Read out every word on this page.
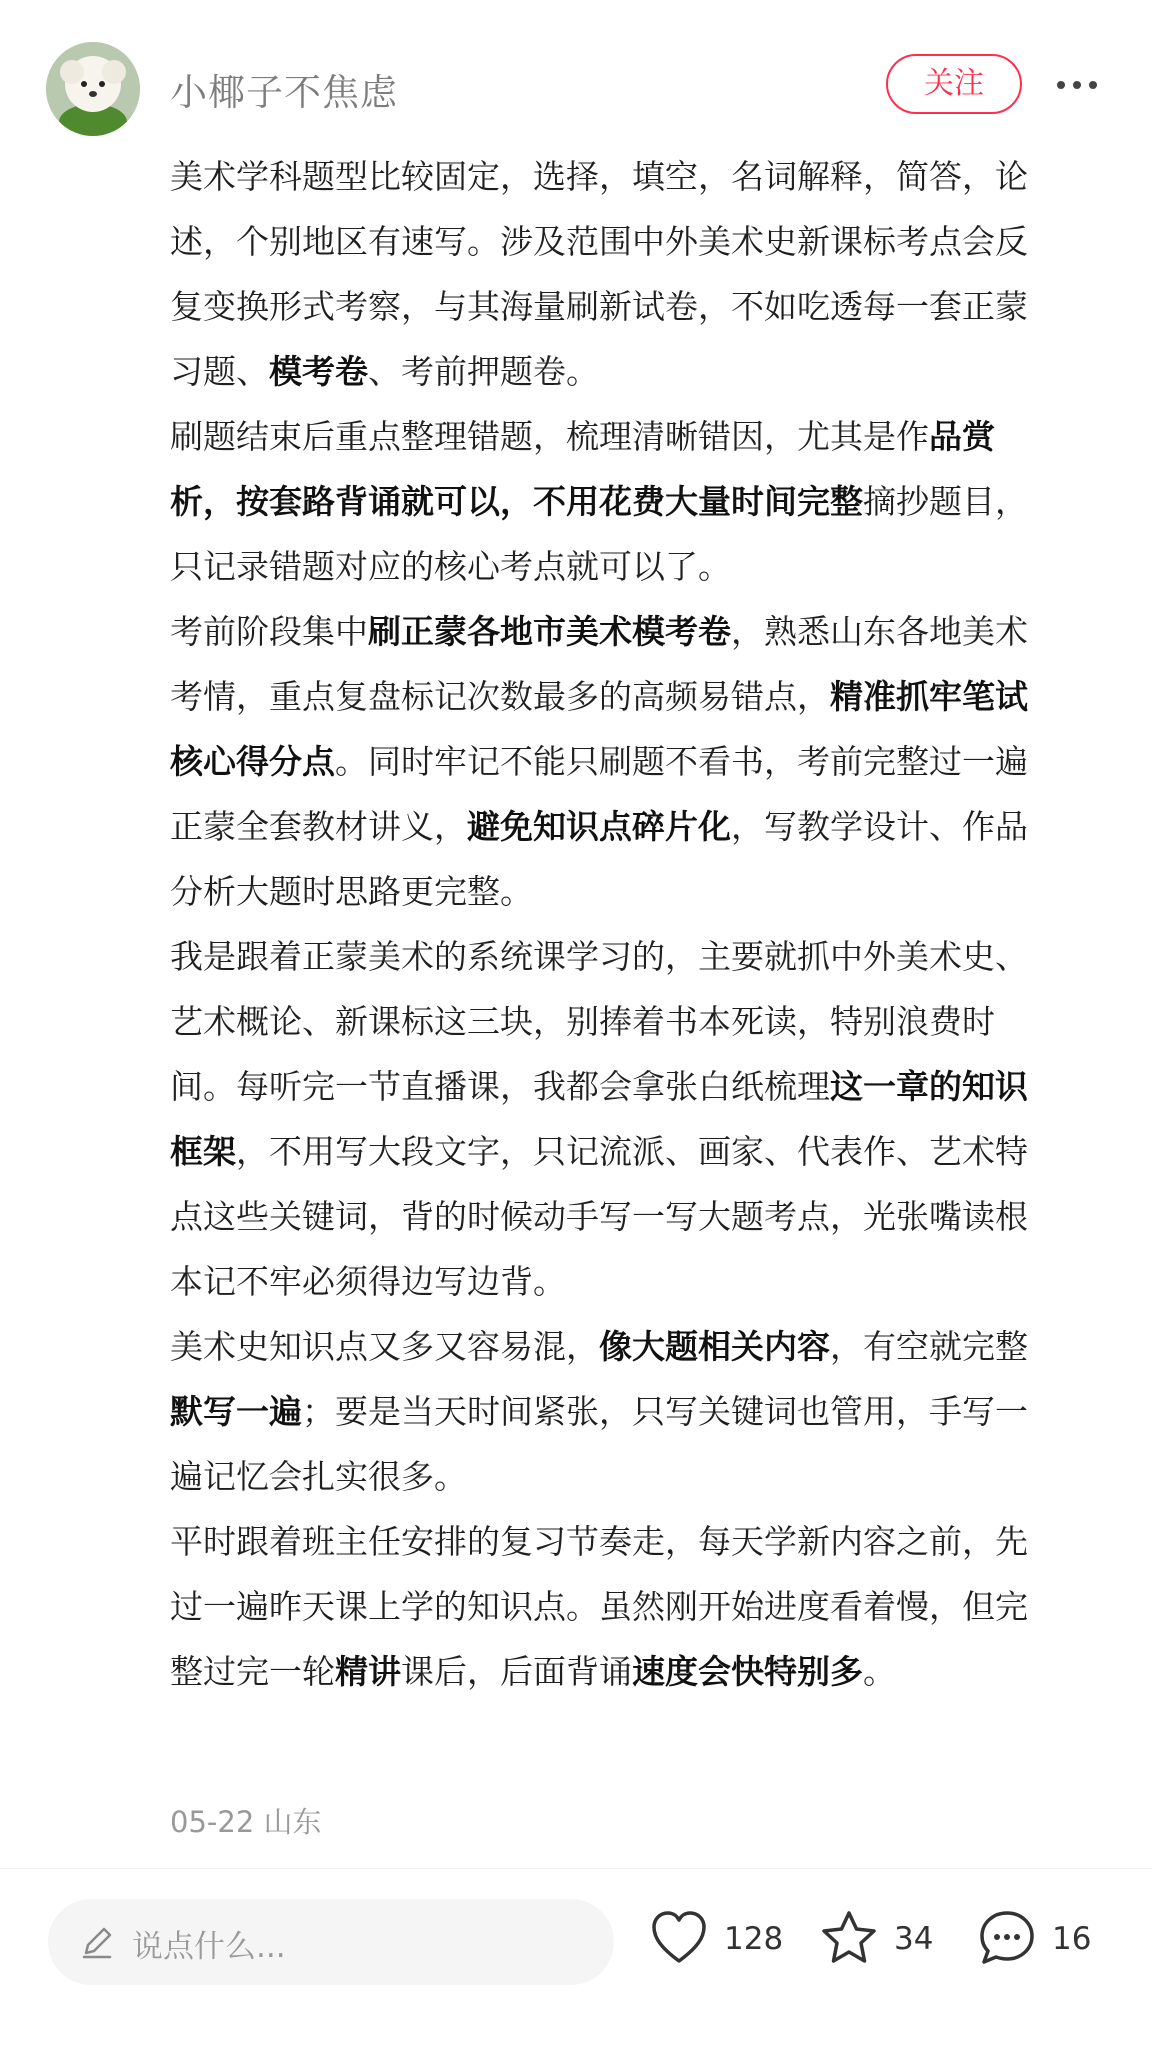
小椰子不焦虑	关注

美术学科题型比较固定，选择，填空，名词解释，简答，论述，个别地区有速写。涉及范围中外美术史新课标考点会反复变换形式考察，与其海量刷新试卷，不如吃透每一套正蒙习题、模考卷、考前押题卷。

刷题结束后重点整理错题，梳理清晰错因，尤其是作品赏析，按套路背诵就可以，不用花费大量时间完整摘抄题目，只记录错题对应的核心考点就可以了。

考前阶段集中刷正蒙各地市美术模考卷，熟悉山东各地美术考情，重点复盘标记次数最多的高频易错点，精准抓牢笔试核心得分点。同时牢记不能只刷题不看书，考前完整过一遍正蒙全套教材讲义，避免知识点碎片化，写教学设计、作品分析大题时思路更完整。

我是跟着正蒙美术的系统课学习的，主要就抓中外美术史、艺术概论、新课标这三块，别捧着书本死读，特别浪费时间。每听完一节直播课，我都会拿张白纸梳理这一章的知识框架，不用写大段文字，只记流派、画家、代表作、艺术特点这些关键词，背的时候动手写一写大题考点，光张嘴读根本记不牢必须得边写边背。

美术史知识点又多又容易混，像大题相关内容，有空就完整默写一遍；要是当天时间紧张，只写关键词也管用，手写一遍记忆会扎实很多。

平时跟着班主任安排的复习节奏走，每天学新内容之前，先过一遍昨天课上学的知识点。虽然刚开始进度看着慢，但完整过完一轮精讲课后，后面背诵速度会快特别多。

05-22 山东
说点什么...	128	34	16
